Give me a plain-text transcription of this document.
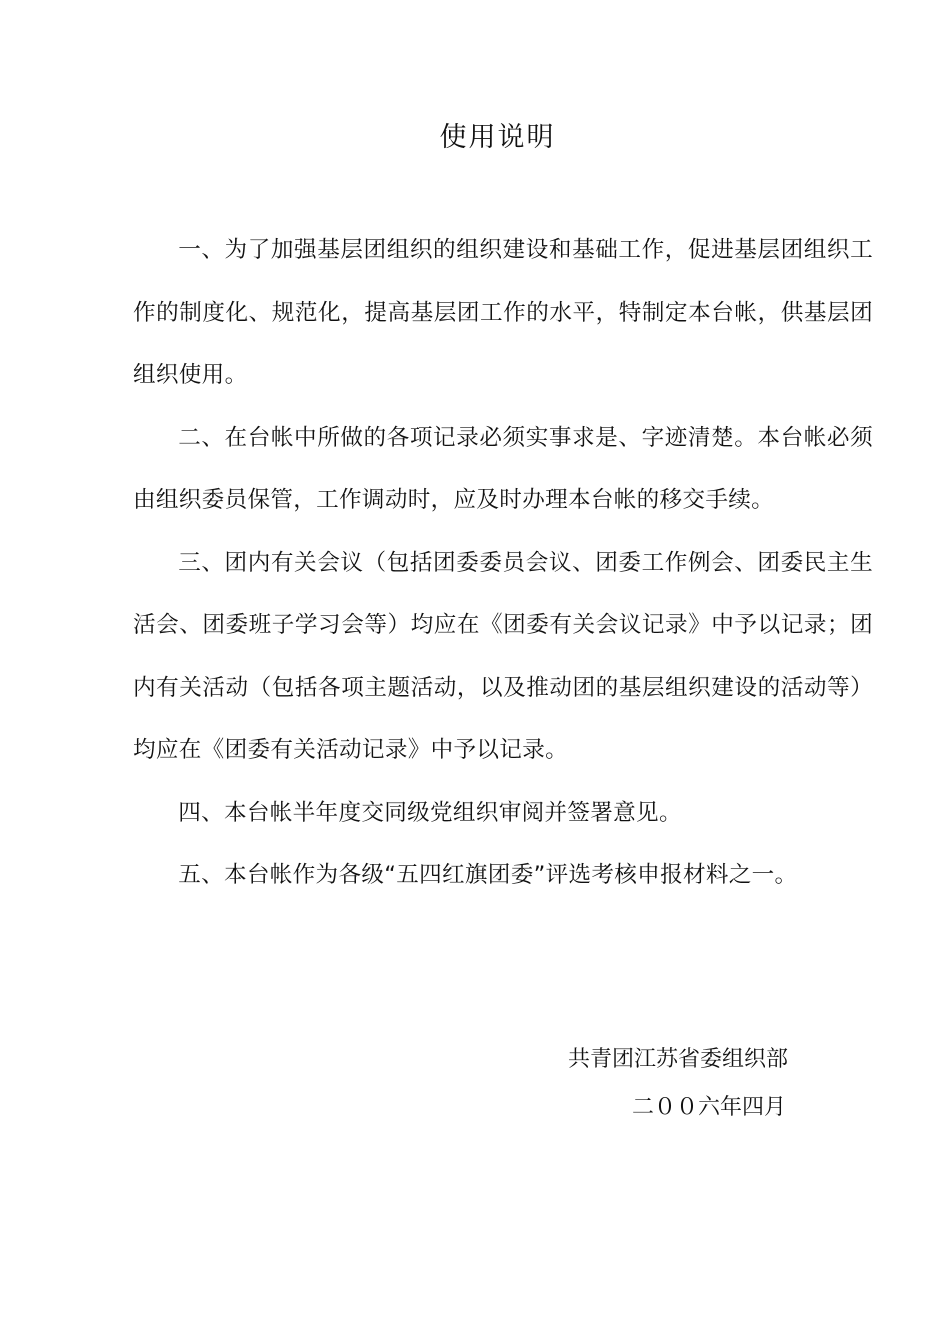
使用说明

一、为了加强基层团组织的组织建设和基础工作，促进基层团组织工作的制度化、规范化，提高基层团工作的水平，特制定本台帐，供基层团组织使用。

二、在台帐中所做的各项记录必须实事求是、字迹清楚。本台帐必须由组织委员保管，工作调动时，应及时办理本台帐的移交手续。

三、团内有关会议（包括团委委员会议、团委工作例会、团委民主生活会、团委班子学习会等）均应在《团委有关会议记录》中予以记录；团内有关活动（包括各项主题活动，以及推动团的基层组织建设的活动等）均应在《团委有关活动记录》中予以记录。

四、本台帐半年度交同级党组织审阅并签署意见。

五、本台帐作为各级“五四红旗团委”评选考核申报材料之一。

共青团江苏省委组织部
二００六年四月
